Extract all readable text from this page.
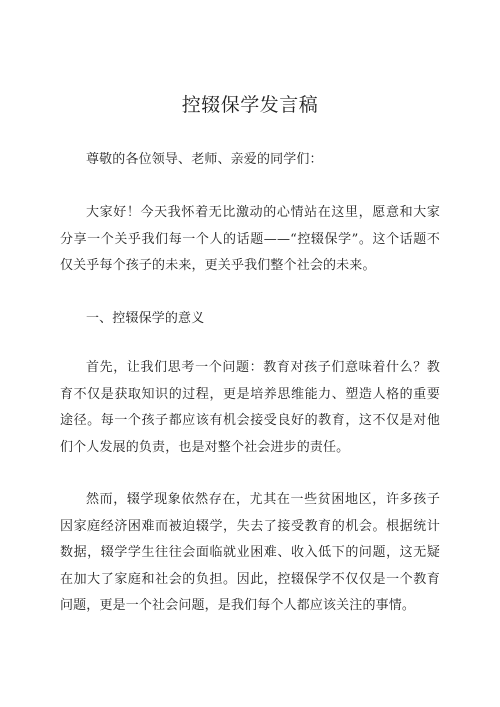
控辍保学发言稿

尊敬的各位领导、老师、亲爱的同学们：

大家好！今天我怀着无比激动的心情站在这里，愿意和大家分享一个关乎我们每一个人的话题——“控辍保学”。这个话题不仅关乎每个孩子的未来，更关乎我们整个社会的未来。

一、控辍保学的意义

首先，让我们思考一个问题：教育对孩子们意味着什么？教育不仅是获取知识的过程，更是培养思维能力、塑造人格的重要途径。每一个孩子都应该有机会接受良好的教育，这不仅是对他们个人发展的负责，也是对整个社会进步的责任。

然而，辍学现象依然存在，尤其在一些贫困地区，许多孩子因家庭经济困难而被迫辍学，失去了接受教育的机会。根据统计数据，辍学学生往往会面临就业困难、收入低下的问题，这无疑在加大了家庭和社会的负担。因此，控辍保学不仅仅是一个教育问题，更是一个社会问题，是我们每个人都应该关注的事情。
